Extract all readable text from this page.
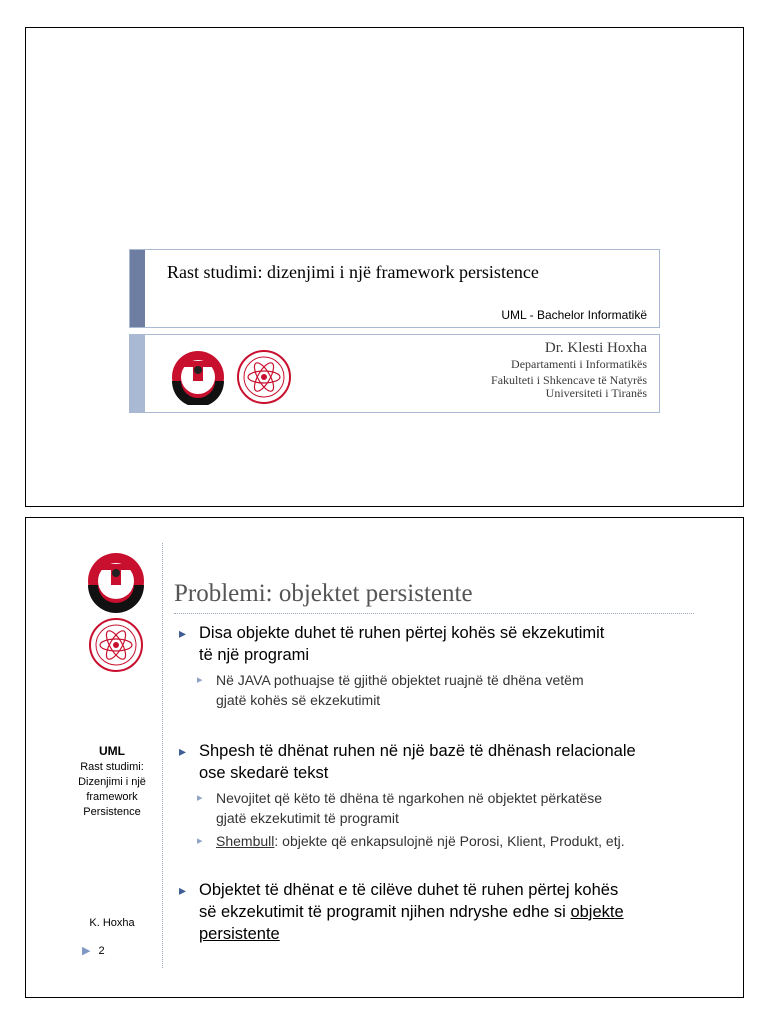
Rast studimi: dizenjimi i një framework persistence
UML - Bachelor Informatikë
Dr. Klesti Hoxha
Departamenti i Informatikës
Fakulteti i Shkencave të Natyrës
Universiteti i Tiranës
UML
Rast studimi:
Dizenjimi i një
framework
Persistence
K. Hoxha
▶ 2
Problemi: objektet persistente
▸ Disa objekte duhet të ruhen përtej kohës së ekzekutimit
të një programi
▸ Në JAVA pothuajse të gjithë objektet ruajnë të dhëna vetëm
gjatë kohës së ekzekutimit
▸ Shpesh të dhënat ruhen në një bazë të dhënash relacionale
ose skedarë tekst
▸ Nevojitet që këto të dhëna të ngarkohen në objektet përkatëse
gjatë ekzekutimit të programit
▸ Shembull: objekte që enkapsulojnë një Porosi, Klient, Produkt, etj.
▸ Objektet të dhënat e të cilëve duhet të ruhen përtej kohës
së ekzekutimit të programit njihen ndryshe edhe si objekte
persistente
